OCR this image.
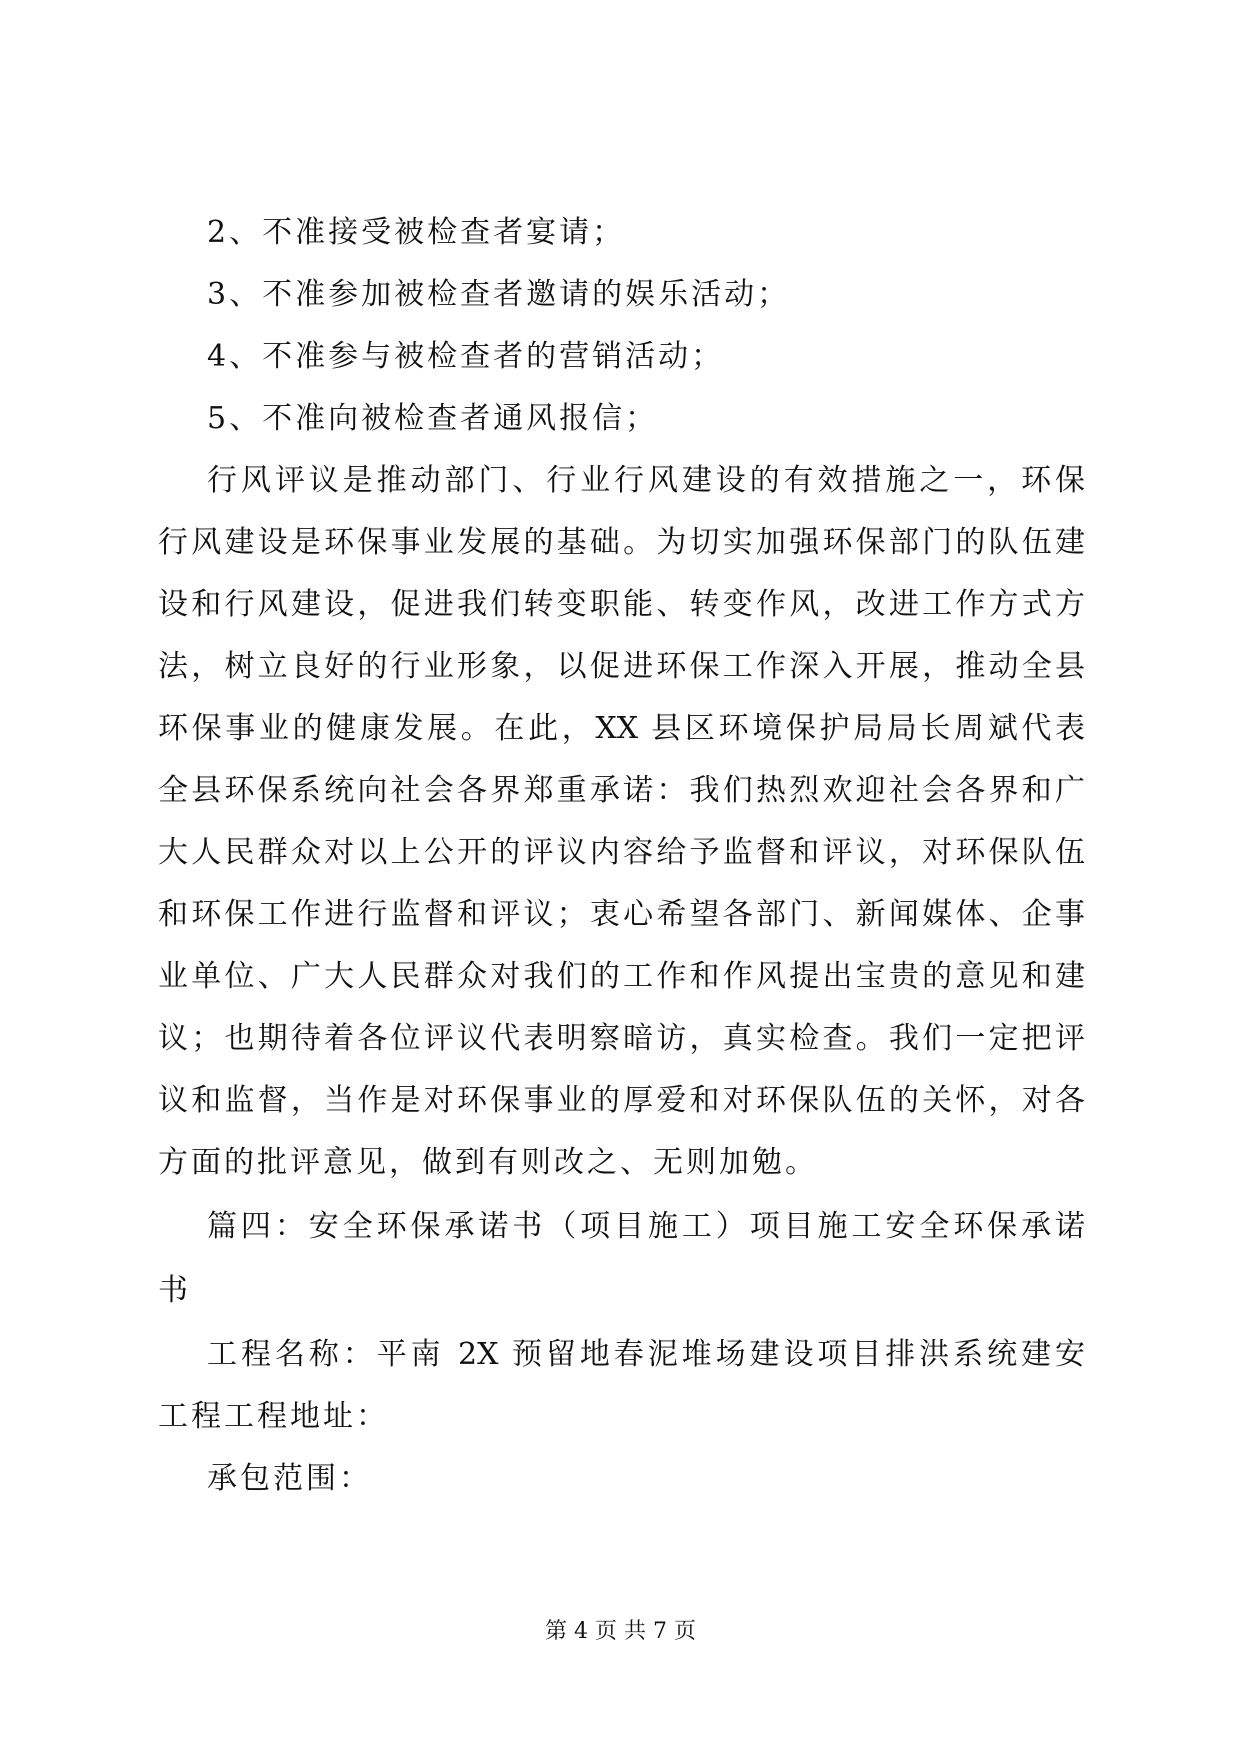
2、不准接受被检查者宴请；
3、不准参加被检查者邀请的娱乐活动；
4、不准参与被检查者的营销活动；
5、不准向被检查者通风报信；
行风评议是推动部门、行业行风建设的有效措施之一，环保
行风建设是环保事业发展的基础。为切实加强环保部门的队伍建
设和行风建设，促进我们转变职能、转变作风，改进工作方式方
法，树立良好的行业形象，以促进环保工作深入开展，推动全县
环保事业的健康发展。在此，XX 县区环境保护局局长周斌代表
全县环保系统向社会各界郑重承诺：我们热烈欢迎社会各界和广
大人民群众对以上公开的评议内容给予监督和评议，对环保队伍
和环保工作进行监督和评议；衷心希望各部门、新闻媒体、企事
业单位、广大人民群众对我们的工作和作风提出宝贵的意见和建
议；也期待着各位评议代表明察暗访，真实检查。我们一定把评
议和监督，当作是对环保事业的厚爱和对环保队伍的关怀，对各
方面的批评意见，做到有则改之、无则加勉。
篇四：安全环保承诺书（项目施工）项目施工安全环保承诺
书
工程名称：平南 2X 预留地春泥堆场建设项目排洪系统建安
工程工程地址：
承包范围：
第 4 页 共 7 页
